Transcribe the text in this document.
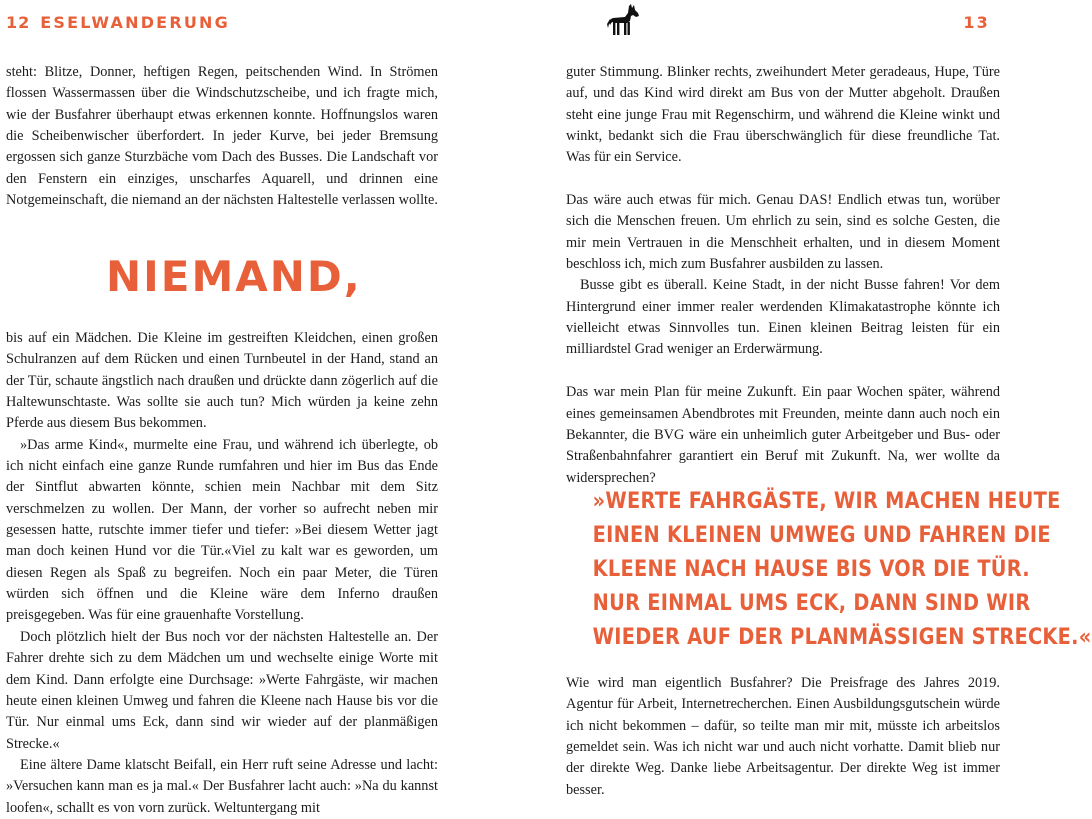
12 ESELWANDERUNG

steht: Blitze, Donner, heftigen Regen, peitschenden Wind. In Strömen flossen Wassermassen über die Windschutzscheibe, und ich fragte mich, wie der Busfahrer überhaupt etwas erkennen konnte. Hoffnungslos waren die Scheibenwischer überfordert. In jeder Kurve, bei jeder Bremsung ergossen sich ganze Sturzbäche vom Dach des Busses. Die Landschaft vor den Fenstern ein einziges, unscharfes Aquarell, und drinnen eine Notgemeinschaft, die niemand an der nächsten Haltestelle verlassen wollte.

NIEMAND,

bis auf ein Mädchen. Die Kleine im gestreiften Kleidchen, einen großen Schulranzen auf dem Rücken und einen Turnbeutel in der Hand, stand an der Tür, schaute ängstlich nach draußen und drückte dann zögerlich auf die Haltewunschtaste. Was sollte sie auch tun? Mich würden ja keine zehn Pferde aus diesem Bus bekommen.

»Das arme Kind«, murmelte eine Frau, und während ich überlegte, ob ich nicht einfach eine ganze Runde rumfahren und hier im Bus das Ende der Sintflut abwarten könnte, schien mein Nachbar mit dem Sitz verschmelzen zu wollen. Der Mann, der vorher so aufrecht neben mir gesessen hatte, rutschte immer tiefer und tiefer: »Bei diesem Wetter jagt man doch keinen Hund vor die Tür.«Viel zu kalt war es geworden, um diesen Regen als Spaß zu begreifen. Noch ein paar Meter, die Türen würden sich öffnen und die Kleine wäre dem Inferno draußen preisgegeben. Was für eine grauenhafte Vorstellung.

Doch plötzlich hielt der Bus noch vor der nächsten Haltestelle an. Der Fahrer drehte sich zu dem Mädchen um und wechselte einige Worte mit dem Kind. Dann erfolgte eine Durchsage: »Werte Fahrgäste, wir machen heute einen kleinen Umweg und fahren die Kleene nach Hause bis vor die Tür. Nur einmal ums Eck, dann sind wir wieder auf der planmäßigen Strecke.«

Eine ältere Dame klatscht Beifall, ein Herr ruft seine Adresse und lacht: »Versuchen kann man es ja mal.« Der Busfahrer lacht auch: »Na du kannst loofen«, schallt es von vorn zurück. Weltuntergang mit

13

guter Stimmung. Blinker rechts, zweihundert Meter geradeaus, Hupe, Türe auf, und das Kind wird direkt am Bus von der Mutter abgeholt. Draußen steht eine junge Frau mit Regenschirm, und während die Kleine winkt und winkt, bedankt sich die Frau überschwänglich für diese freundliche Tat. Was für ein Service.

Das wäre auch etwas für mich. Genau DAS! Endlich etwas tun, worüber sich die Menschen freuen. Um ehrlich zu sein, sind es solche Gesten, die mir mein Vertrauen in die Menschheit erhalten, und in diesem Moment beschloss ich, mich zum Busfahrer ausbilden zu lassen.

Busse gibt es überall. Keine Stadt, in der nicht Busse fahren! Vor dem Hintergrund einer immer realer werdenden Klimakatastrophe könnte ich vielleicht etwas Sinnvolles tun. Einen kleinen Beitrag leisten für ein milliardstel Grad weniger an Erderwärmung.

Das war mein Plan für meine Zukunft. Ein paar Wochen später, während eines gemeinsamen Abendbrotes mit Freunden, meinte dann auch noch ein Bekannter, die BVG wäre ein unheimlich guter Arbeitgeber und Bus- oder Straßenbahnfahrer garantiert ein Beruf mit Zukunft. Na, wer wollte da widersprechen?

»WERTE FAHRGÄSTE, WIR MACHEN HEUTE
EINEN KLEINEN UMWEG UND FAHREN DIE
KLEENE NACH HAUSE BIS VOR DIE TÜR.
NUR EINMAL UMS ECK, DANN SIND WIR
WIEDER AUF DER PLANMÄSSIGEN STRECKE.«

Wie wird man eigentlich Busfahrer? Die Preisfrage des Jahres 2019. Agentur für Arbeit, Internetrecherchen. Einen Ausbildungsgutschein würde ich nicht bekommen – dafür, so teilte man mir mit, müsste ich arbeitslos gemeldet sein. Was ich nicht war und auch nicht vorhatte. Damit blieb nur der direkte Weg. Danke liebe Arbeitsagentur. Der direkte Weg ist immer besser.
